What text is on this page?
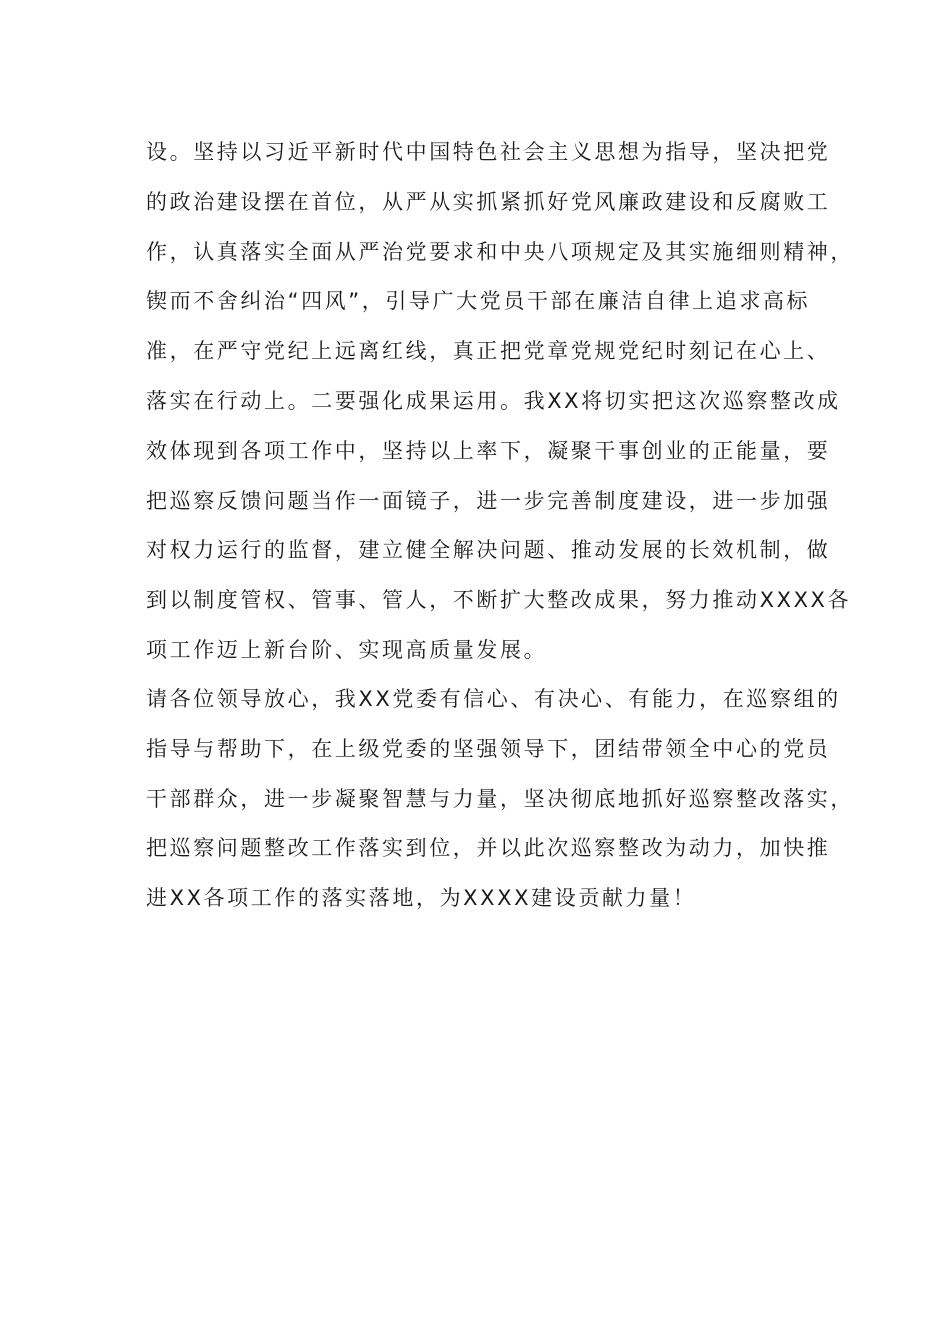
设。坚持以习近平新时代中国特色社会主义思想为指导，坚决把党
的政治建设摆在首位，从严从实抓紧抓好党风廉政建设和反腐败工
作，认真落实全面从严治党要求和中央八项规定及其实施细则精神，
锲而不舍纠治“四风”，引导广大党员干部在廉洁自律上追求高标
准，在严守党纪上远离红线，真正把党章党规党纪时刻记在心上、
落实在行动上。二要强化成果运用。我XX将切实把这次巡察整改成
效体现到各项工作中，坚持以上率下，凝聚干事创业的正能量，要
把巡察反馈问题当作一面镜子，进一步完善制度建设，进一步加强
对权力运行的监督，建立健全解决问题、推动发展的长效机制，做
到以制度管权、管事、管人，不断扩大整改成果，努力推动XXXX各
项工作迈上新台阶、实现高质量发展。
请各位领导放心，我XX党委有信心、有决心、有能力，在巡察组的
指导与帮助下，在上级党委的坚强领导下，团结带领全中心的党员
干部群众，进一步凝聚智慧与力量，坚决彻底地抓好巡察整改落实，
把巡察问题整改工作落实到位，并以此次巡察整改为动力，加快推
进XX各项工作的落实落地，为XXXX建设贡献力量！
